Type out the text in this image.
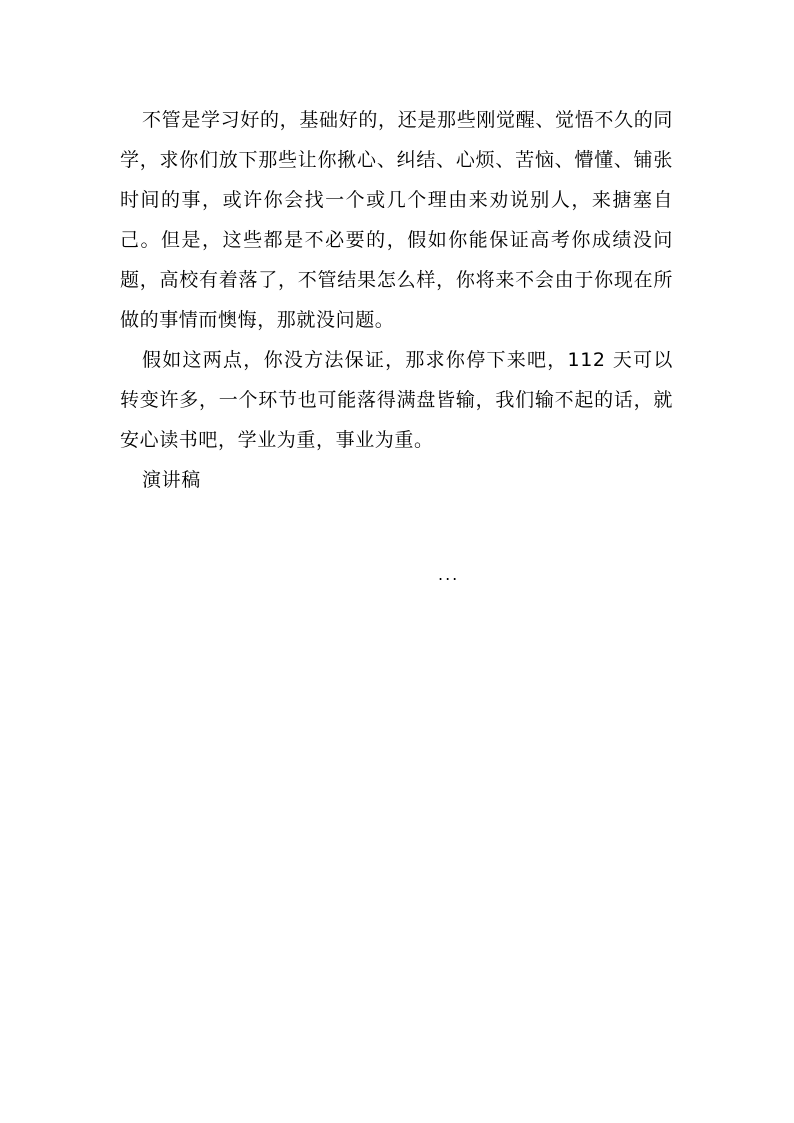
不管是学习好的，基础好的，还是那些刚觉醒、觉悟不久的同学，求你们放下那些让你揪心、纠结、心烦、苦恼、懵懂、铺张时间的事，或许你会找一个或几个理由来劝说别人，来搪塞自己。但是，这些都是不必要的，假如你能保证高考你成绩没问题，高校有着落了，不管结果怎么样，你将来不会由于你现在所做的事情而懊悔，那就没问题。

假如这两点，你没方法保证，那求你停下来吧，112 天可以转变许多，一个环节也可能落得满盘皆输，我们输不起的话，就安心读书吧，学业为重，事业为重。

演讲稿

...
